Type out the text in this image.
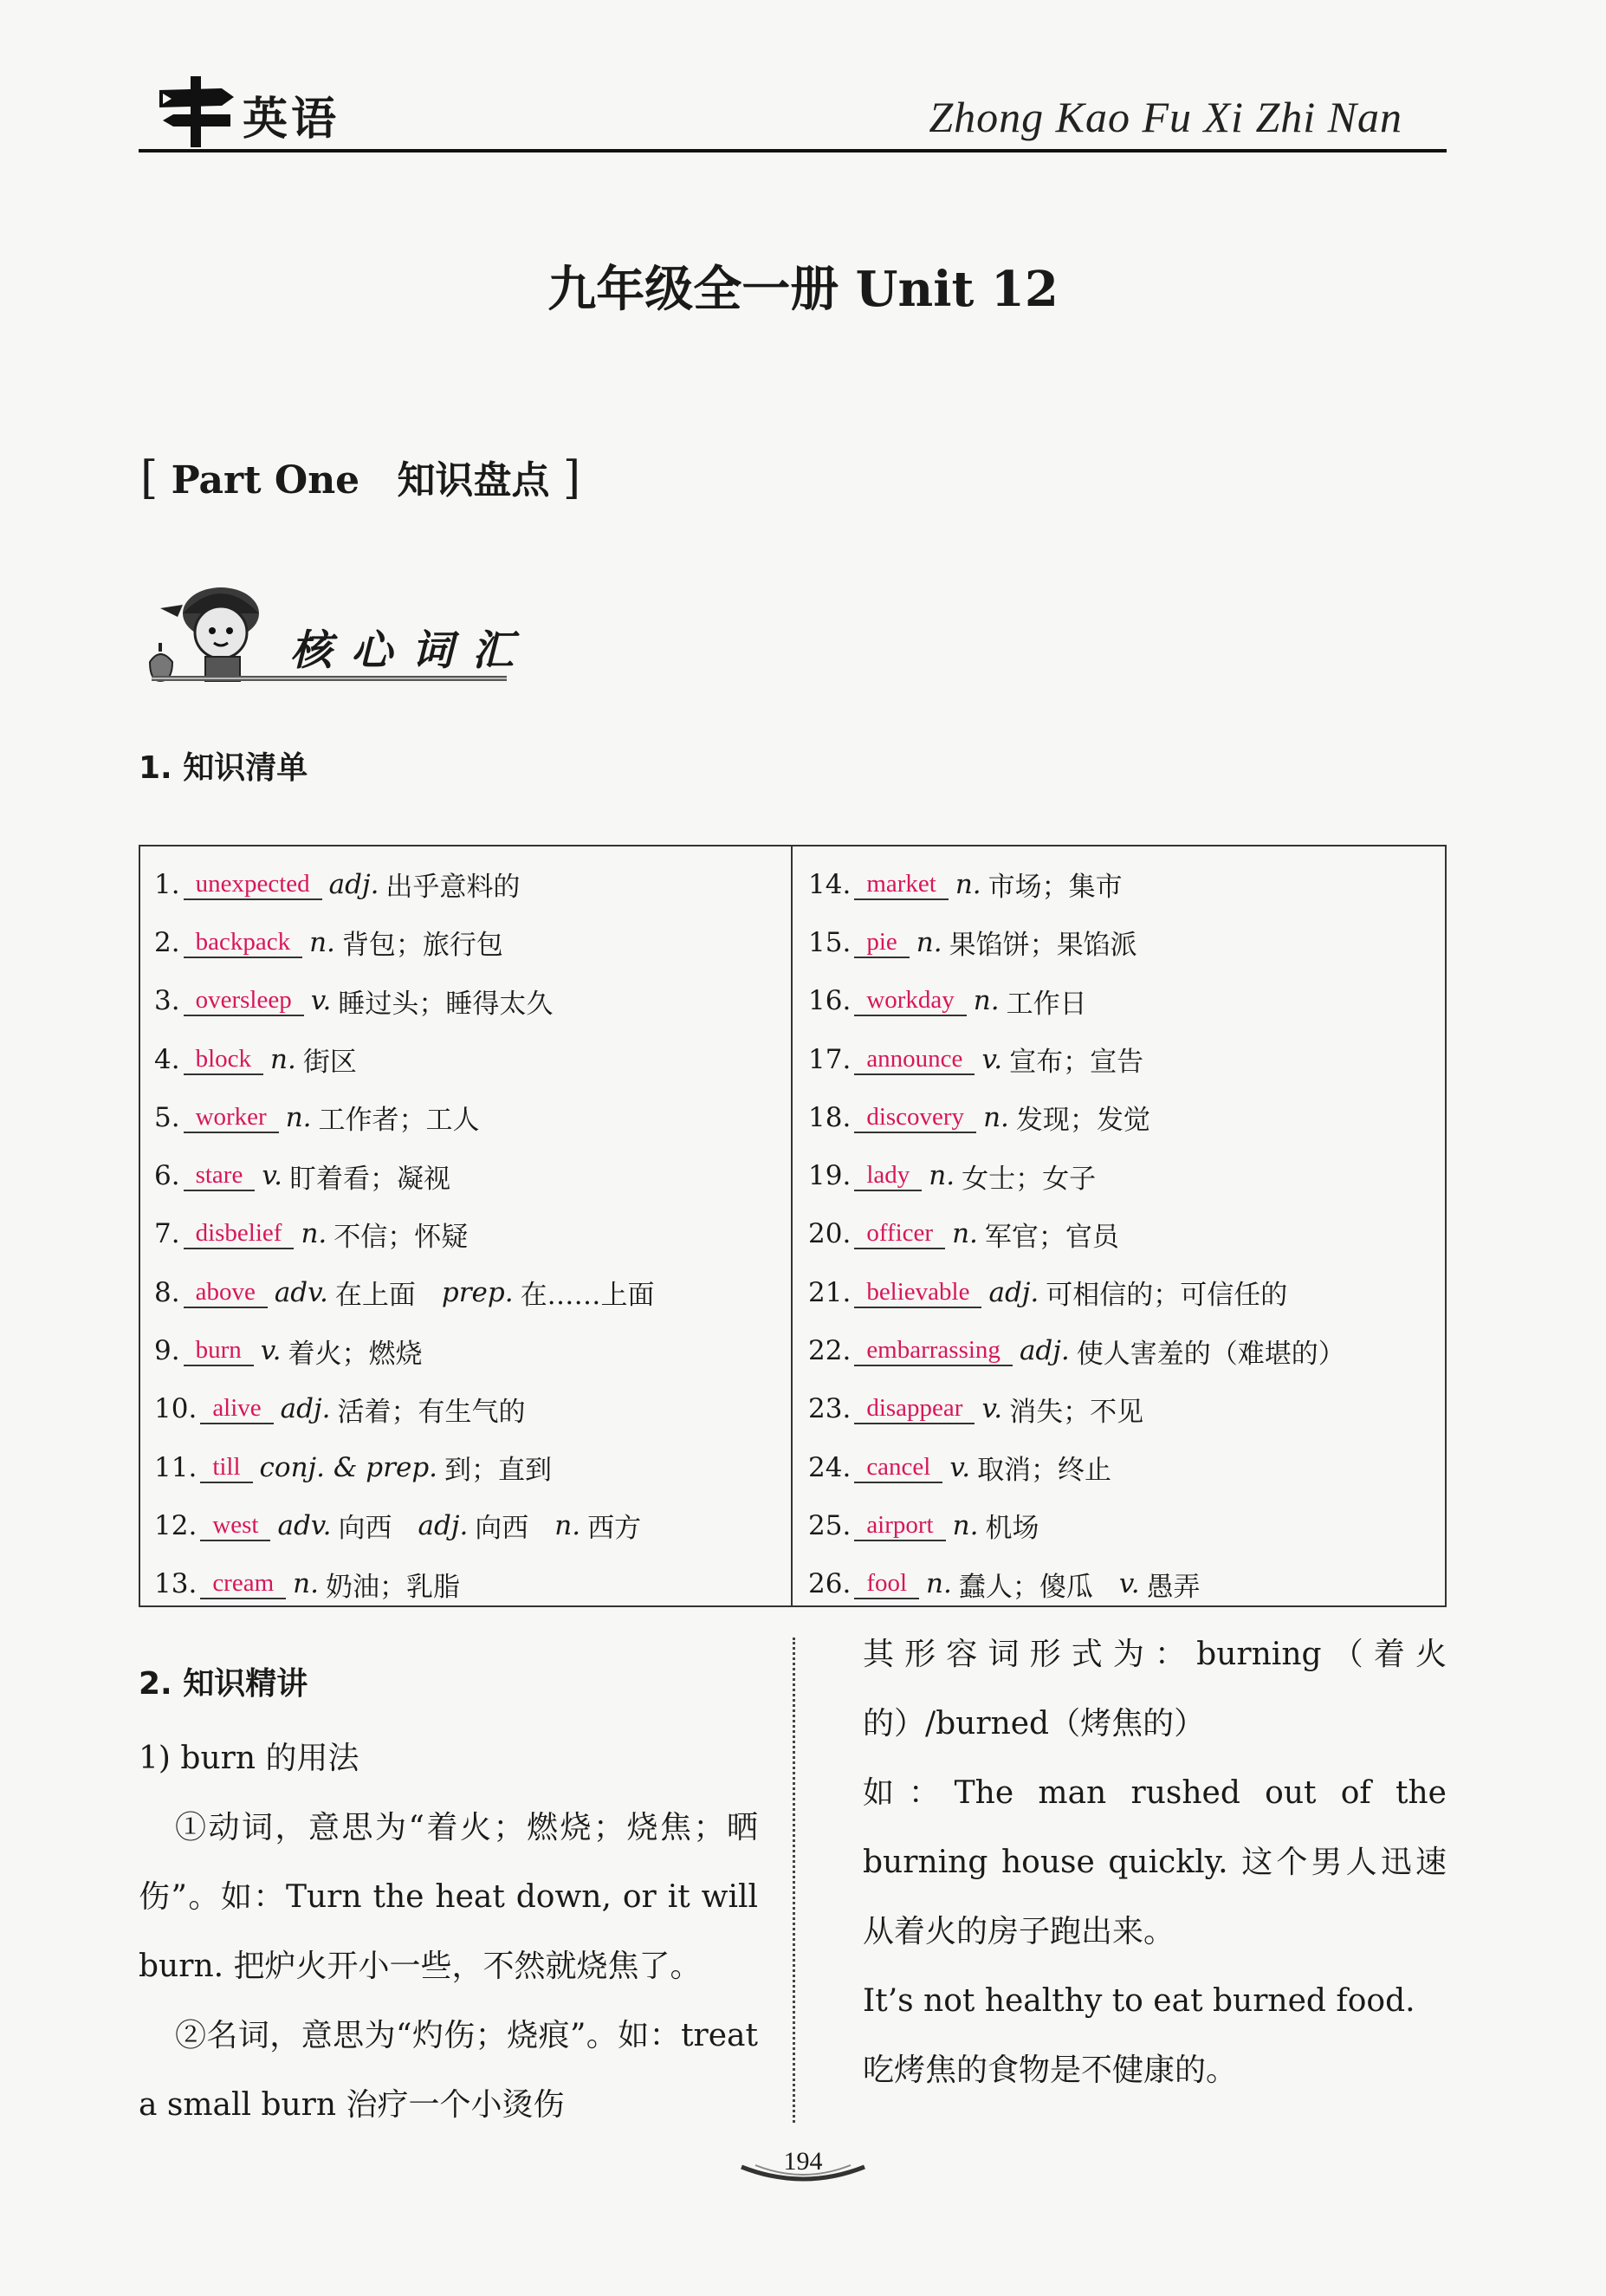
英语	Zhong Kao Fu Xi Zhi Nan
九年级全一册 Unit 12
[ Part One 知识盘点 ]
核心词汇
1. 知识清单
1. unexpected adj. 出乎意料的
2. backpack n. 背包；旅行包
3. oversleep v. 睡过头；睡得太久
4. block n. 街区
5. worker n. 工作者；工人
6. stare v. 盯着看；凝视
7. disbelief n. 不信；怀疑
8. above adv. 在上面 prep. 在……上面
9. burn v. 着火；燃烧
10. alive adj. 活着；有生气的
11. till conj. & prep. 到；直到
12. west adv. 向西 adj. 向西 n. 西方
13. cream n. 奶油；乳脂
14. market n. 市场；集市
15. pie n. 果馅饼；果馅派
16. workday n. 工作日
17. announce v. 宣布；宣告
18. discovery n. 发现；发觉
19. lady n. 女士；女子
20. officer n. 军官；官员
21. believable adj. 可相信的；可信任的
22. embarrassing adj. 使人害羞的（难堪的）
23. disappear v. 消失；不见
24. cancel v. 取消；终止
25. airport n. 机场
26. fool n. 蠢人；傻瓜 v. 愚弄
2. 知识精讲
1) burn 的用法
①动词，意思为“着火；燃烧；烧焦；晒伤”。如：Turn the heat down, or it will burn. 把炉火开小一些，不然就烧焦了。
②名词，意思为“灼伤；烧痕”。如：treat a small burn 治疗一个小烫伤
其形容词形式为：burning（着火的）/burned（烤焦的）
如：The man rushed out of the burning house quickly. 这个男人迅速从着火的房子跑出来。
It’s not healthy to eat burned food.
吃烤焦的食物是不健康的。
194
